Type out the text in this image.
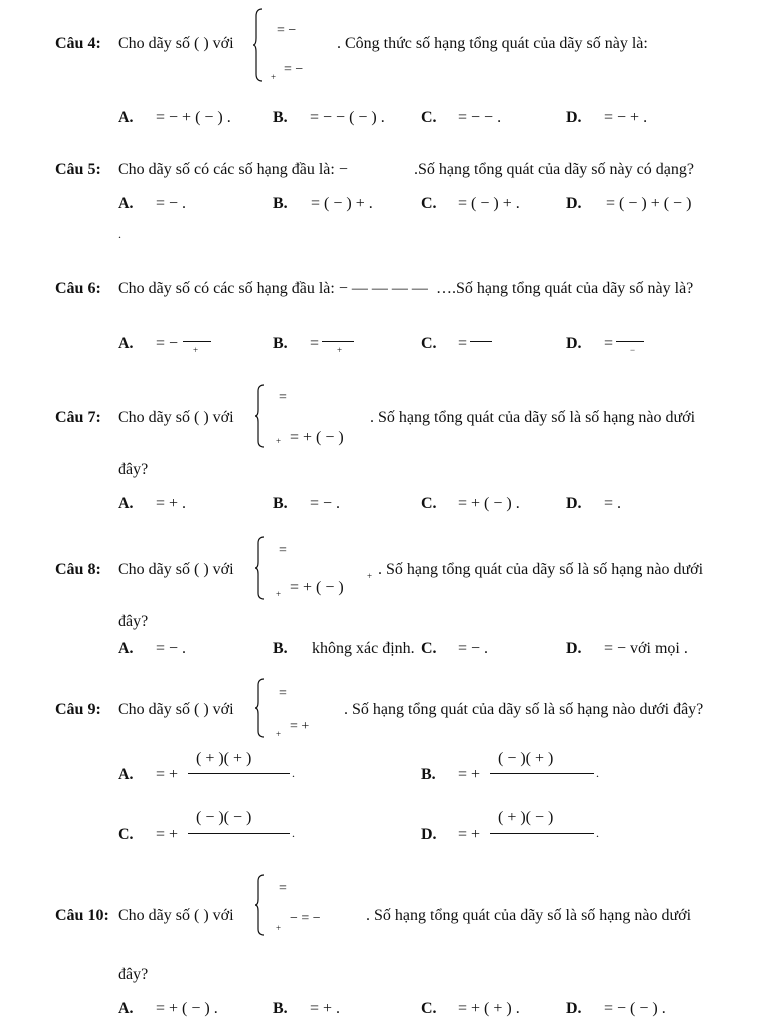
Câu 4: Cho dãy số ( ) với
= −
+ = −
. Công thức số hạng tổng quát của dãy số này là:
A. = − + ( − ) .	B. = − − ( − ) . C. = − − .	D. = − + .
Câu 5: Cho dãy số có các số hạng đầu là: −	.Số hạng tổng quát của dãy số này có dạng?
A. = − .	B. = ( − ) + .	C. = ( − ) + .	D. = ( − ) + ( − )
.
Câu 6: Cho dãy số có các số hạng đầu là: − — — — — ….Số hạng tổng quát của dãy số này là?
A. = − +	B. = +	C. =	D. = −
Câu 7: Cho dãy số ( ) với
=
+ = + ( − )
. Số hạng tổng quát của dãy số là số hạng nào dưới
đây?
A. = + .	B. = − .	C. = + ( − ) .	D. = .
Câu 8: Cho dãy số ( ) với
=
+ = + ( − )
+ . Số hạng tổng quát của dãy số là số hạng nào dưới
đây?
A. = − .	B. không xác định. C. = − .	D. = − với mọi .
Câu 9: Cho dãy số ( ) với
=
+ = +
. Số hạng tổng quát của dãy số là số hạng nào dưới đây?
A. = +
( + )( + )
.	B. = +
( − )( + )
.
C. = +
( − )( − )
.	D. = +
( + )( − )
.
Câu 10: Cho dãy số ( ) với
=
+
− = −	. Số hạng tổng quát của dãy số là số hạng nào dưới
đây?
A. = + ( − ) .	B. = + .	C. = + ( + ) .	D. = − ( − ) .
